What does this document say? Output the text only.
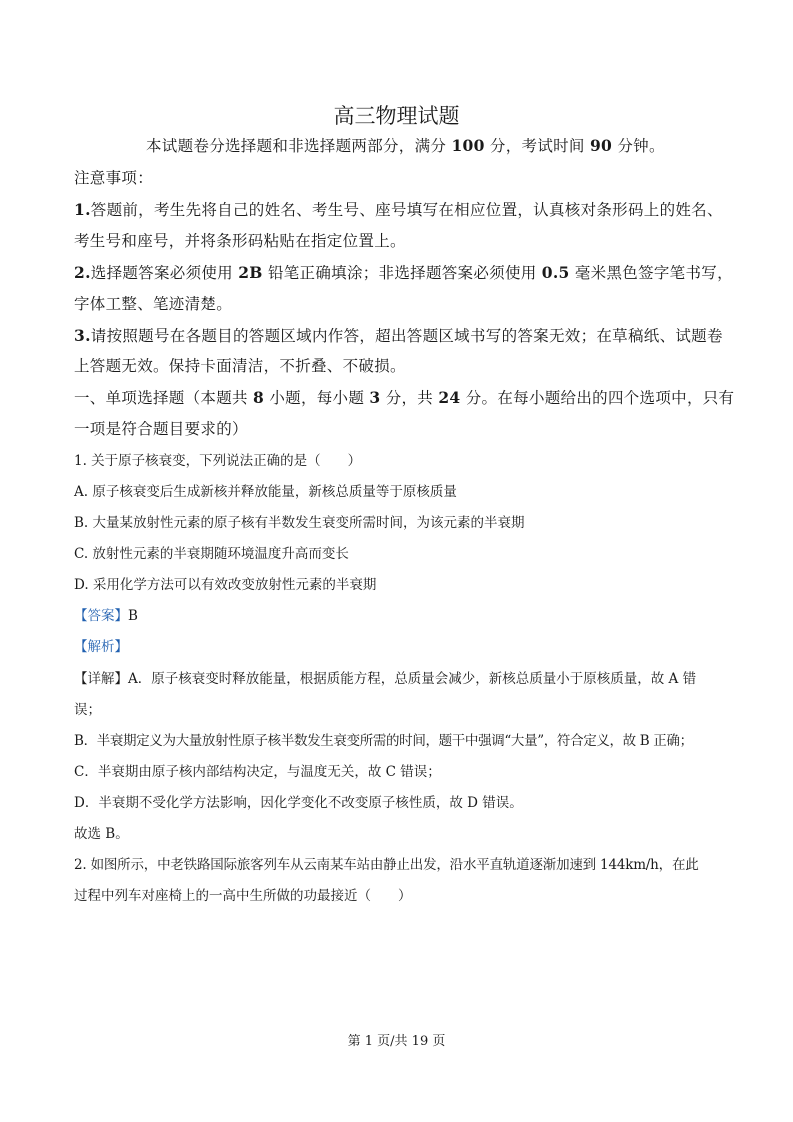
高三物理试题
本试题卷分选择题和非选择题两部分，满分 100 分，考试时间 90 分钟。
注意事项：
1.答题前，考生先将自己的姓名、考生号、座号填写在相应位置，认真核对条形码上的姓名、
考生号和座号，并将条形码粘贴在指定位置上。
2.选择题答案必须使用 2B 铅笔正确填涂；非选择题答案必须使用 0.5 毫米黑色签字笔书写，
字体工整、笔迹清楚。
3.请按照题号在各题目的答题区域内作答，超出答题区域书写的答案无效；在草稿纸、试题卷
上答题无效。保持卡面清洁，不折叠、不破损。
一、单项选择题（本题共 8 小题，每小题 3 分，共 24 分。在每小题给出的四个选项中，只有
一项是符合题目要求的）
1. 关于原子核衰变，下列说法正确的是（　　）
A. 原子核衰变后生成新核并释放能量，新核总质量等于原核质量
B. 大量某放射性元素的原子核有半数发生衰变所需时间，为该元素的半衰期
C. 放射性元素的半衰期随环境温度升高而变长
D. 采用化学方法可以有效改变放射性元素的半衰期
【答案】B
【解析】
【详解】A．原子核衰变时释放能量，根据质能方程，总质量会减少，新核总质量小于原核质量，故 A 错
误；
B．半衰期定义为大量放射性原子核半数发生衰变所需的时间，题干中强调“大量”，符合定义，故 B 正确；
C．半衰期由原子核内部结构决定，与温度无关，故 C 错误；
D．半衰期不受化学方法影响，因化学变化不改变原子核性质，故 D 错误。
故选 B。
2. 如图所示，中老铁路国际旅客列车从云南某车站由静止出发，沿水平直轨道逐渐加速到 144km/h，在此
过程中列车对座椅上的一高中生所做的功最接近（　　）
第 1 页/共 19 页
